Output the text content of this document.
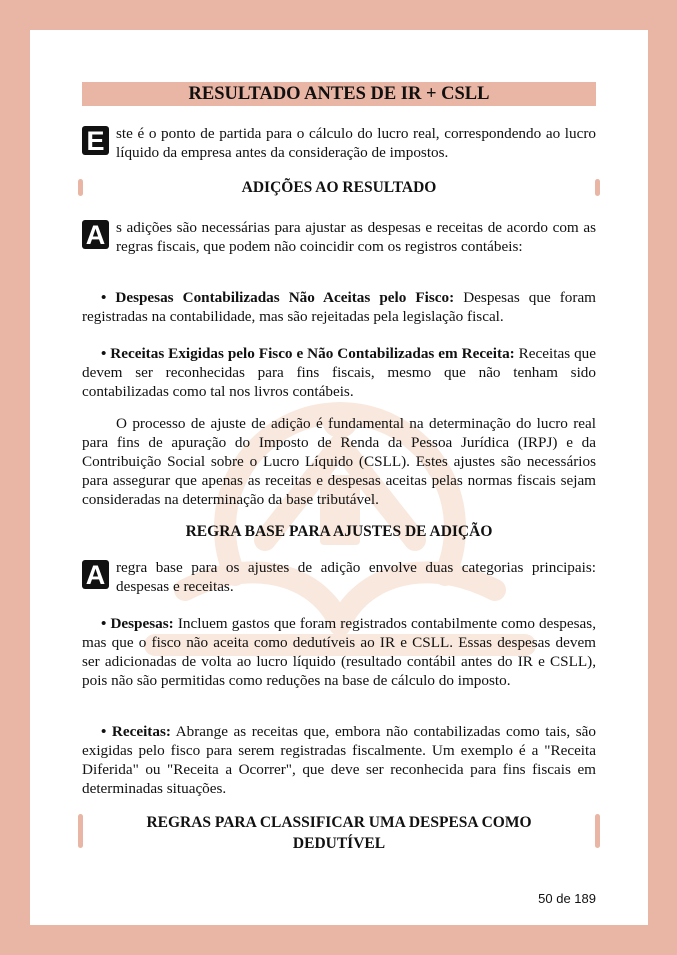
RESULTADO ANTES DE IR + CSLL
E ste é o ponto de partida para o cálculo do lucro real, correspondendo ao lucro líquido da empresa antes da consideração de impostos.
ADIÇÕES AO RESULTADO
A s adições são necessárias para ajustar as despesas e receitas de acordo com as regras fiscais, que podem não coincidir com os registros contábeis:
• Despesas Contabilizadas Não Aceitas pelo Fisco: Despesas que foram registradas na contabilidade, mas são rejeitadas pela legislação fiscal.
• Receitas Exigidas pelo Fisco e Não Contabilizadas em Receita: Receitas que devem ser reconhecidas para fins fiscais, mesmo que não tenham sido contabilizadas como tal nos livros contábeis.
O processo de ajuste de adição é fundamental na determinação do lucro real para fins de apuração do Imposto de Renda da Pessoa Jurídica (IRPJ) e da Contribuição Social sobre o Lucro Líquido (CSLL). Estes ajustes são necessários para assegurar que apenas as receitas e despesas aceitas pelas normas fiscais sejam consideradas na determinação da base tributável.
REGRA BASE PARA AJUSTES DE ADIÇÃO
A regra base para os ajustes de adição envolve duas categorias principais: despesas e receitas.
• Despesas: Incluem gastos que foram registrados contabilmente como despesas, mas que o fisco não aceita como dedutíveis ao IR e CSLL. Essas despesas devem ser adicionadas de volta ao lucro líquido (resultado contábil antes do IR e CSLL), pois não são permitidas como reduções na base de cálculo do imposto.
• Receitas: Abrange as receitas que, embora não contabilizadas como tais, são exigidas pelo fisco para serem registradas fiscalmente. Um exemplo é a "Receita Diferida" ou "Receita a Ocorrer", que deve ser reconhecida para fins fiscais em determinadas situações.
REGRAS PARA CLASSIFICAR UMA DESPESA COMO DEDUTÍVEL
50 de 189
